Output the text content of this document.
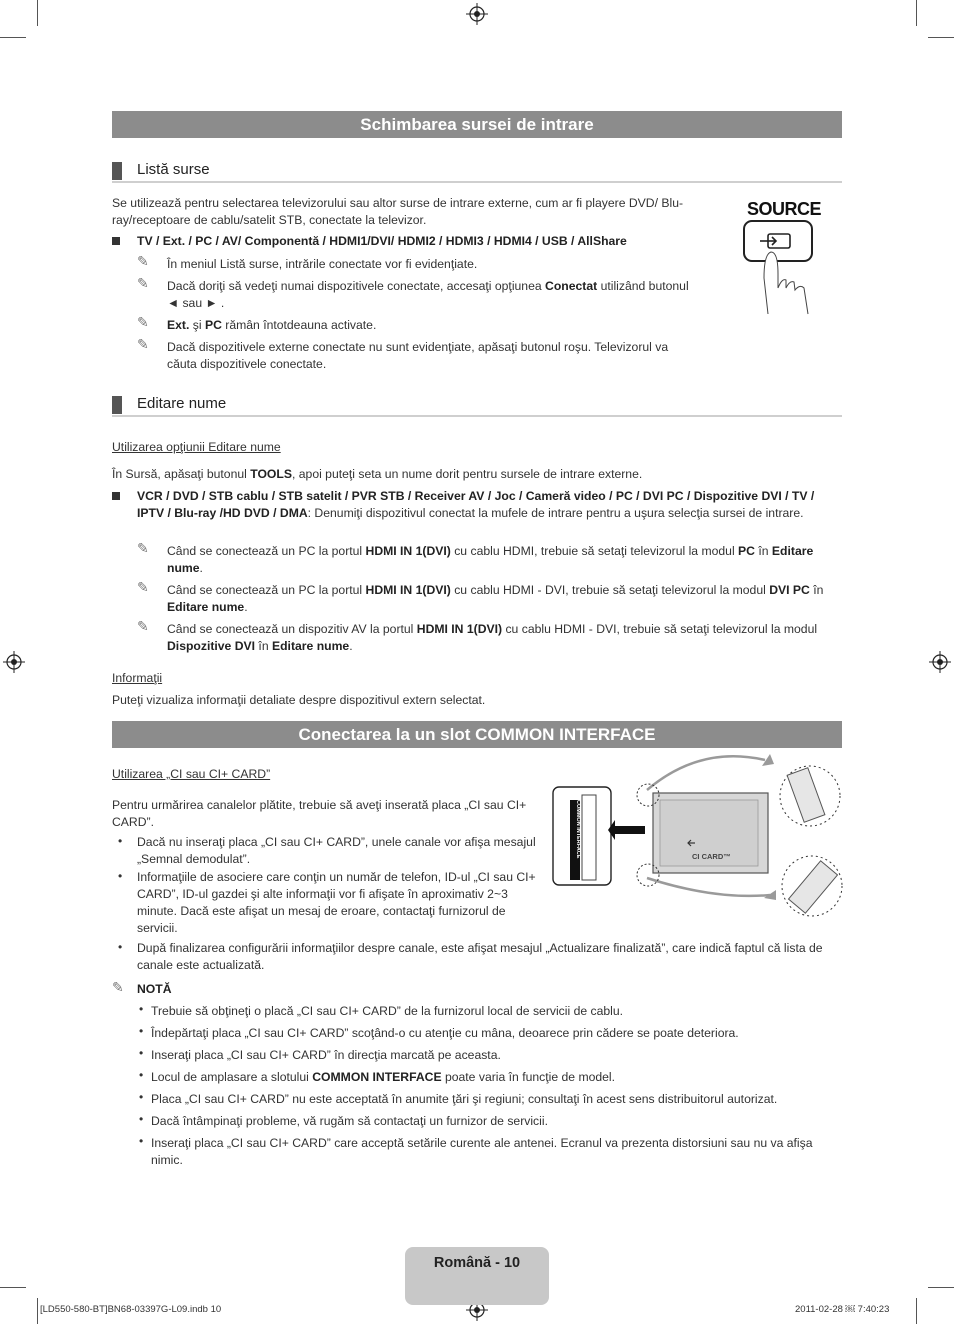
Schimbarea sursei de intrare
Listă surse
Se utilizează pentru selectarea televizorului sau altor surse de intrare externe, cum ar fi playere DVD/ Blu-ray/receptoare de cablu/satelit STB, conectate la televizor.
TV / Ext. / PC / AV/ Componentă / HDMI1/DVI/ HDMI2 / HDMI3 / HDMI4 / USB / AllShare
✎	În meniul Listă surse, intrările conectate vor fi evidenţiate.
✎	Dacă doriţi să vedeţi numai dispozitivele conectate, accesaţi opţiunea Conectat utilizând butonul ◄ sau ► .
✎	Ext. şi PC rămân întotdeauna activate.
✎	Dacă dispozitivele externe conectate nu sunt evidenţiate, apăsaţi butonul roşu. Televizorul va căuta dispozitivele conectate.
SOURCE
Editare nume
Utilizarea opţiunii Editare nume
În Sursă, apăsaţi butonul TOOLS, apoi puteţi seta un nume dorit pentru sursele de intrare externe.
VCR / DVD / STB cablu / STB satelit / PVR STB / Receiver AV / Joc / Cameră video / PC / DVI PC / Dispozitive DVI / TV / IPTV / Blu-ray /HD DVD / DMA: Denumiţi dispozitivul conectat la mufele de intrare pentru a uşura selecţia sursei de intrare.
✎	Când se conectează un PC la portul HDMI IN 1(DVI) cu cablu HDMI, trebuie să setaţi televizorul la modul PC în Editare nume.
✎	Când se conectează un PC la portul HDMI IN 1(DVI) cu cablu HDMI - DVI, trebuie să setaţi televizorul la modul DVI PC în Editare nume.
✎	Când se conectează un dispozitiv AV la portul HDMI IN 1(DVI) cu cablu HDMI - DVI, trebuie să setaţi televizorul la modul Dispozitive DVI în Editare nume.
Informaţii
Puteţi vizualiza informaţii detaliate despre dispozitivul extern selectat.
Conectarea la un slot COMMON INTERFACE
Utilizarea „CI sau CI+ CARD”
Pentru urmărirea canalelor plătite, trebuie să aveţi inserată placa „CI sau CI+ CARD”.
• Dacă nu inseraţi placa „CI sau CI+ CARD”, unele canale vor afişa mesajul „Semnal demodulat”.
• Informaţiile de asociere care conţin un număr de telefon, ID-ul „CI sau CI+ CARD”, ID-ul gazdei şi alte informaţii vor fi afişate în aproximativ 2~3 minute. Dacă este afişat un mesaj de eroare, contactaţi furnizorul de servicii.
• După finalizarea configurării informaţiilor despre canale, este afişat mesajul „Actualizare finalizată”, care indică faptul că lista de canale este actualizată.
COMMON INTERFACE	CI CARD™
✎	NOTĂ
• Trebuie să obţineţi o placă „CI sau CI+ CARD” de la furnizorul local de servicii de cablu.
• Îndepărtaţi placa „CI sau CI+ CARD” scoţând-o cu atenţie cu mâna, deoarece prin cădere se poate deteriora.
• Inseraţi placa „CI sau CI+ CARD” în direcţia marcată pe aceasta.
• Locul de amplasare a slotului COMMON INTERFACE poate varia în funcţie de model.
• Placa „CI sau CI+ CARD” nu este acceptată în anumite ţări şi regiuni; consultaţi în acest sens distribuitorul autorizat.
• Dacă întâmpinaţi probleme, vă rugăm să contactaţi un furnizor de servicii.
• Inseraţi placa „CI sau CI+ CARD” care acceptă setările curente ale antenei. Ecranul va prezenta distorsiuni sau nu va afişa nimic.
Română - 10
[LD550-580-BT]BN68-03397G-L09.indb 10	2011-02-28 ￼ 7:40:23
